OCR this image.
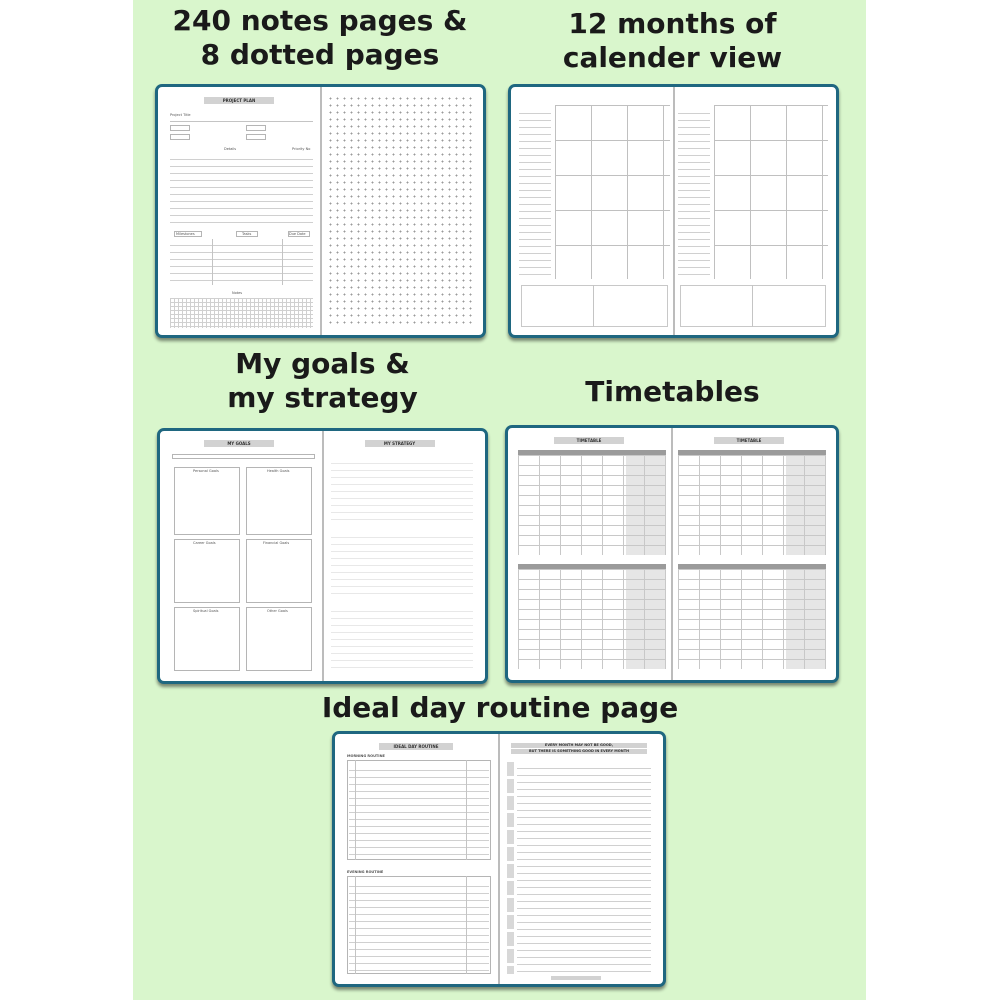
240 notes pages &
8 dotted pages
12 months of
calender view
My goals &
my strategy	Timetables
Ideal day routine page
PROJECT PLAN
Project Title
Details	Priority No
Milestones	Tasks	Due Date
Notes
MY GOALS
Personal Goals	Health Goals
Career Goals	Financial Goals
Spiritual Goals	Other Goals
MY STRATEGY
TIMETABLE	TIMETABLE
IDEAL DAY ROUTINE
MORNING ROUTINE
EVENING ROUTINE
EVERY MONTH MAY NOT BE GOOD,
BUT THERE IS SOMETHING GOOD IN EVERY MONTH
